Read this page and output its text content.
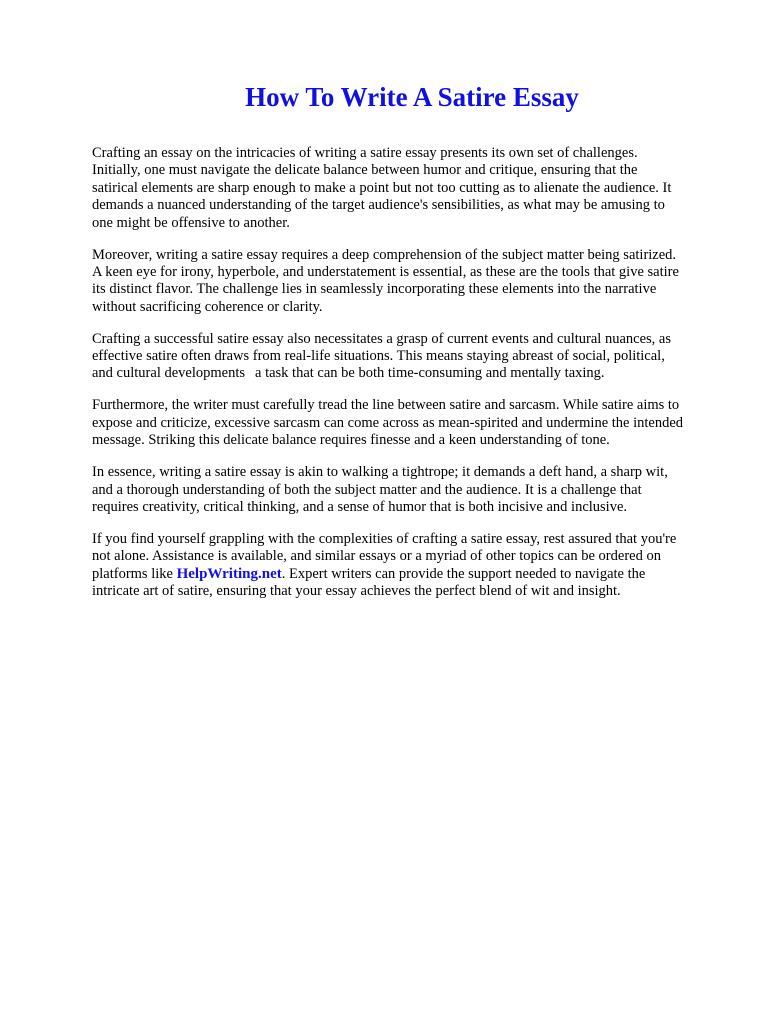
How To Write A Satire Essay

Crafting an essay on the intricacies of writing a satire essay presents its own set of challenges.
Initially, one must navigate the delicate balance between humor and critique, ensuring that the
satirical elements are sharp enough to make a point but not too cutting as to alienate the audience. It
demands a nuanced understanding of the target audience's sensibilities, as what may be amusing to
one might be offensive to another.

Moreover, writing a satire essay requires a deep comprehension of the subject matter being satirized.
A keen eye for irony, hyperbole, and understatement is essential, as these are the tools that give satire
its distinct flavor. The challenge lies in seamlessly incorporating these elements into the narrative
without sacrificing coherence or clarity.

Crafting a successful satire essay also necessitates a grasp of current events and cultural nuances, as
effective satire often draws from real-life situations. This means staying abreast of social, political,
and cultural developments a task that can be both time-consuming and mentally taxing.

Furthermore, the writer must carefully tread the line between satire and sarcasm. While satire aims to
expose and criticize, excessive sarcasm can come across as mean-spirited and undermine the intended
message. Striking this delicate balance requires finesse and a keen understanding of tone.

In essence, writing a satire essay is akin to walking a tightrope; it demands a deft hand, a sharp wit,
and a thorough understanding of both the subject matter and the audience. It is a challenge that
requires creativity, critical thinking, and a sense of humor that is both incisive and inclusive.

If you find yourself grappling with the complexities of crafting a satire essay, rest assured that you're
not alone. Assistance is available, and similar essays or a myriad of other topics can be ordered on
platforms like HelpWriting.net. Expert writers can provide the support needed to navigate the
intricate art of satire, ensuring that your essay achieves the perfect blend of wit and insight.
